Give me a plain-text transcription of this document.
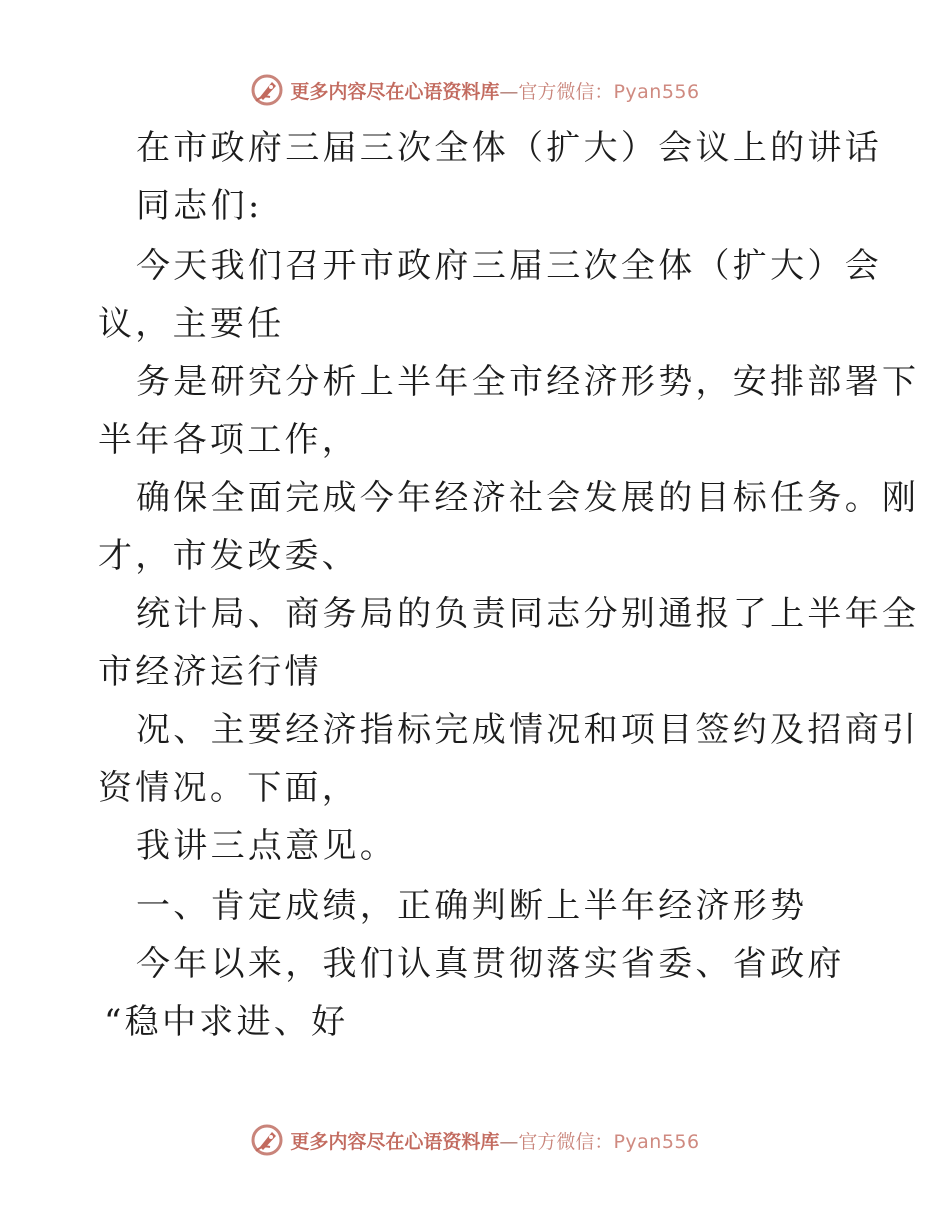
更多内容尽在心语资料库—官方微信：Pyan556
在市政府三届三次全体（扩大）会议上的讲话
同志们:
今天我们召开市政府三届三次全体（扩大）会
议，主要任
务是研究分析上半年全市经济形势，安排部署下
半年各项工作，
确保全面完成今年经济社会发展的目标任务。刚
才，市发改委、
统计局、商务局的负责同志分别通报了上半年全
市经济运行情
况、主要经济指标完成情况和项目签约及招商引
资情况。下面，
我讲三点意见。
一、肯定成绩，正确判断上半年经济形势
今年以来，我们认真贯彻落实省委、省政府
“稳中求进、好
更多内容尽在心语资料库—官方微信：Pyan556
